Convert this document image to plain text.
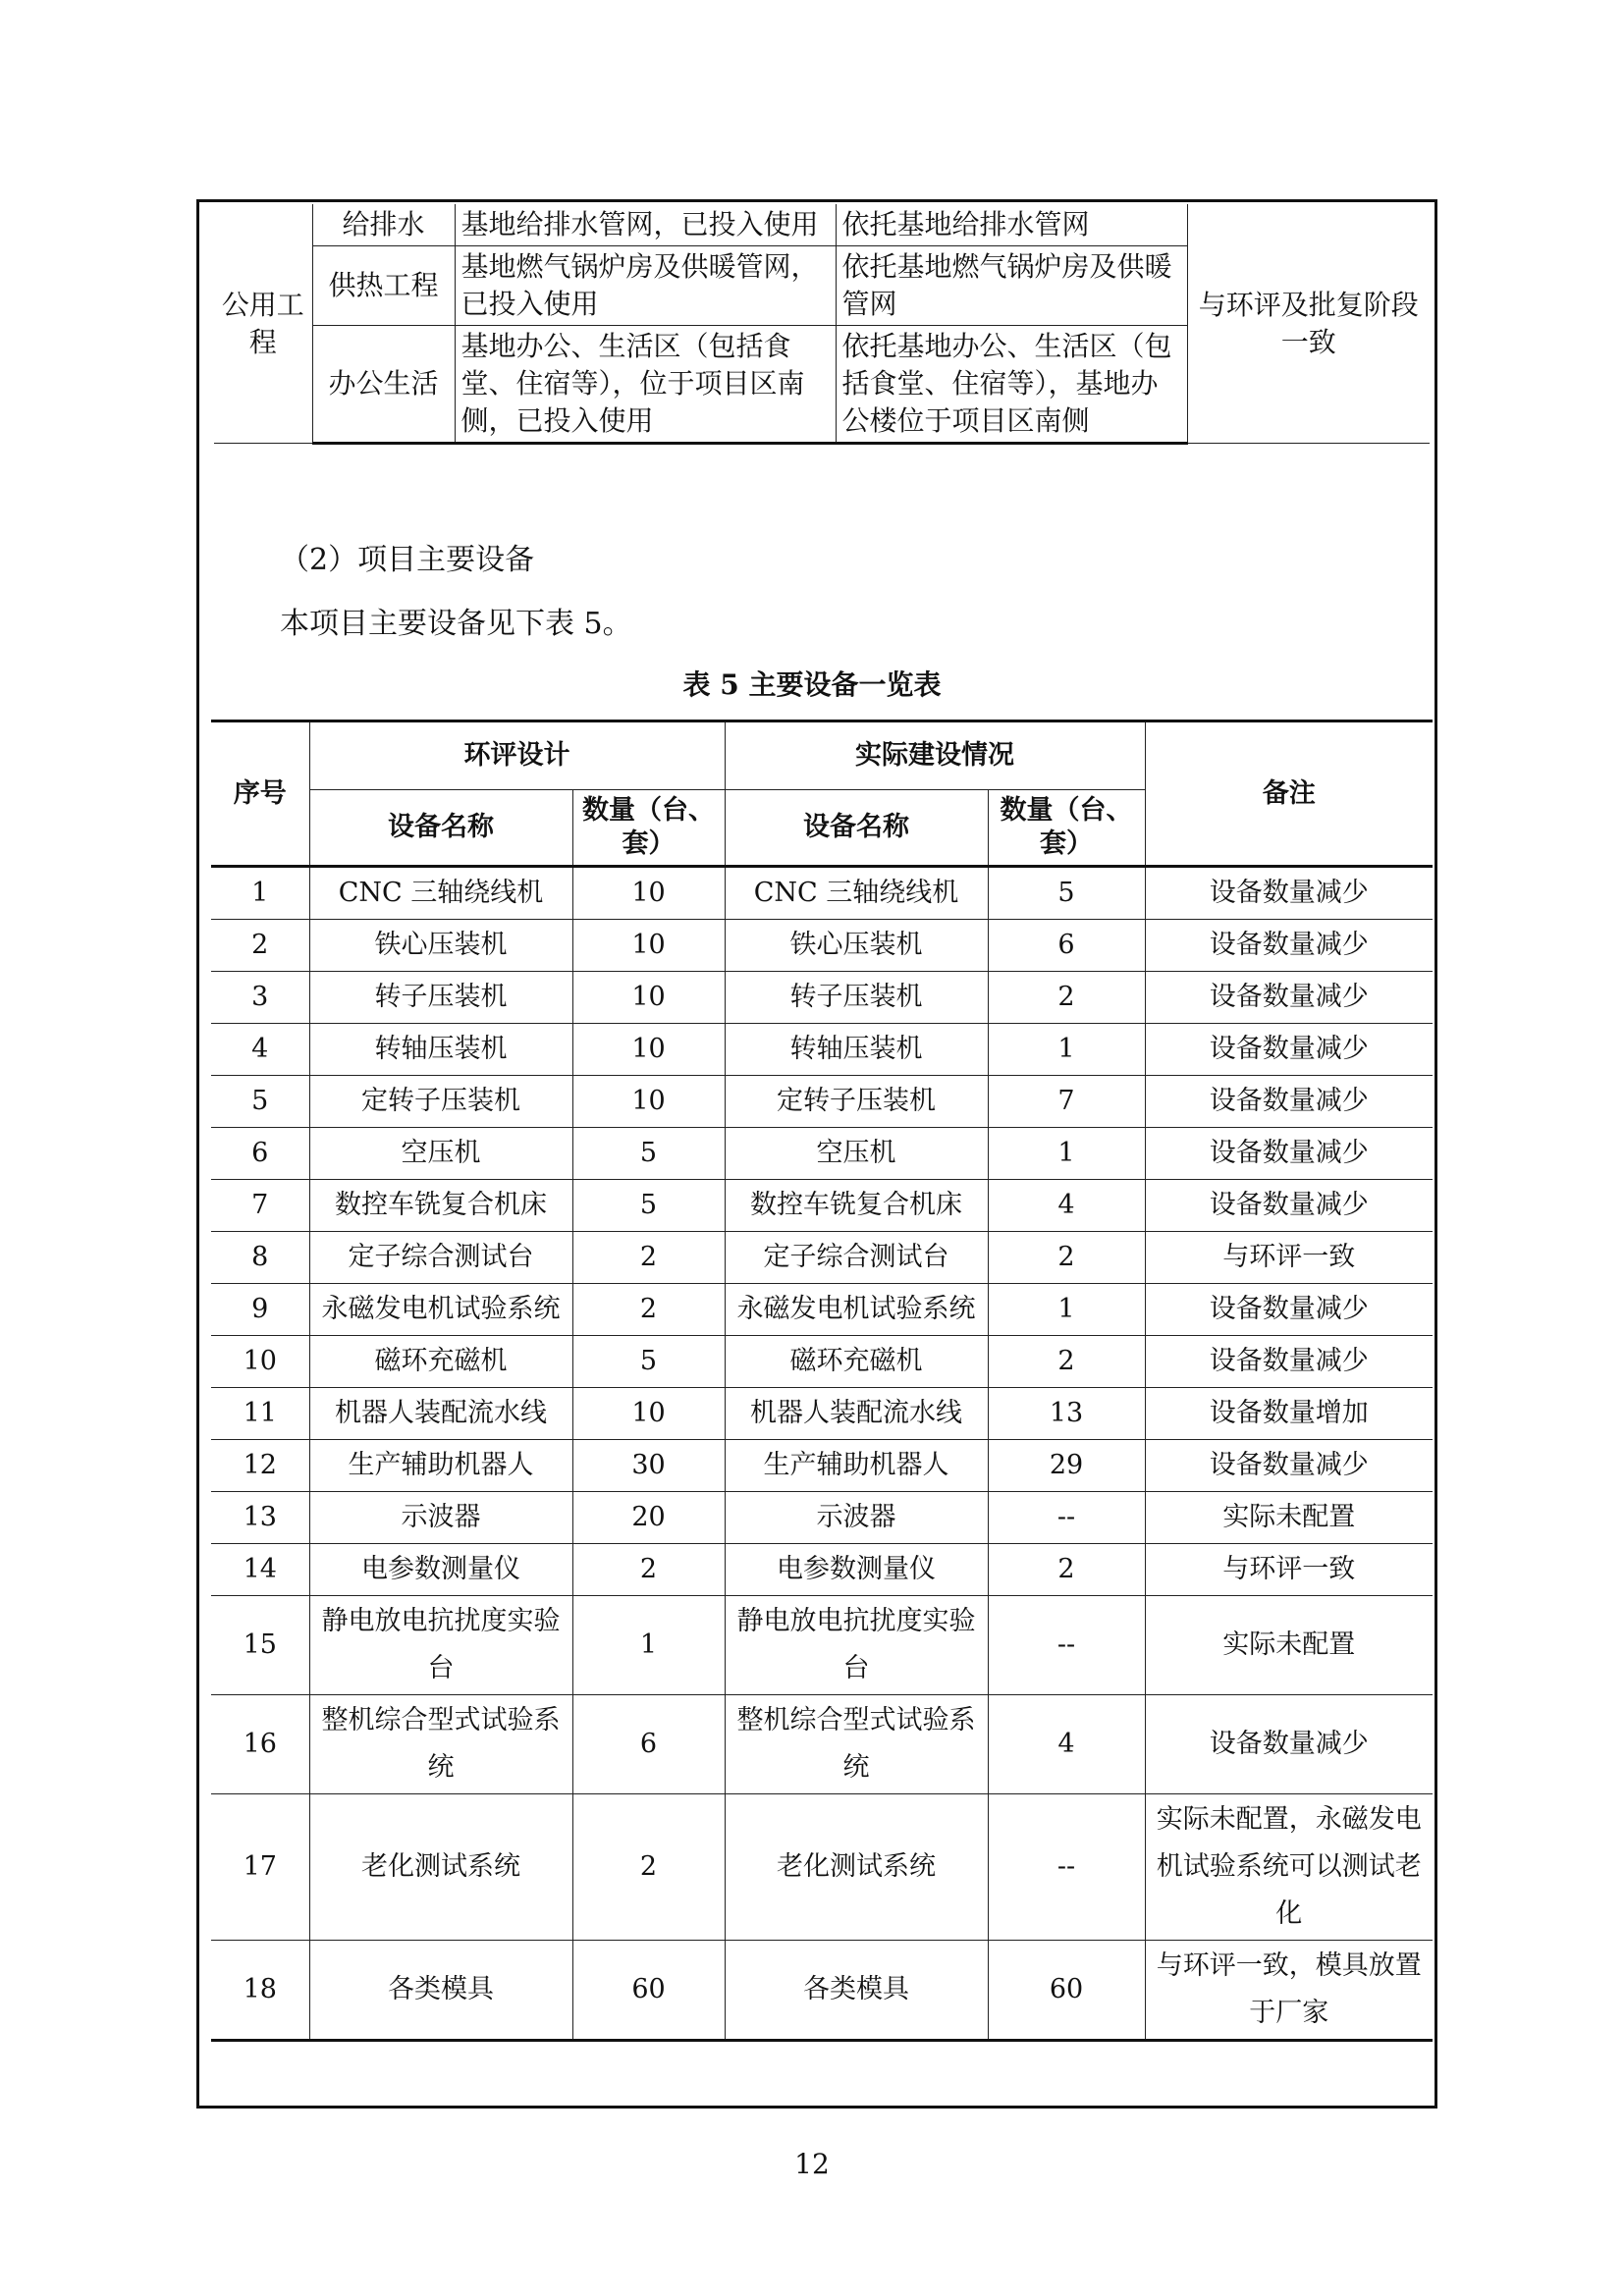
公用工程	给排水	基地给排水管网，已投入使用	依托基地给排水管网	与环评及批复阶段一致
	供热工程	基地燃气锅炉房及供暖管网，已投入使用	依托基地燃气锅炉房及供暖管网	
	办公生活	基地办公、生活区（包括食堂、住宿等），位于项目区南侧，已投入使用	依托基地办公、生活区（包括食堂、住宿等），基地办公楼位于项目区南侧	
（2）项目主要设备
本项目主要设备见下表 5。
表 5 主要设备一览表
序号	环评设计		实际建设情况		备注
	设备名称	数量（台、套）	设备名称	数量（台、套）	
1	CNC 三轴绕线机	10	CNC 三轴绕线机	5	设备数量减少
2	铁心压装机	10	铁心压装机	6	设备数量减少
3	转子压装机	10	转子压装机	2	设备数量减少
4	转轴压装机	10	转轴压装机	1	设备数量减少
5	定转子压装机	10	定转子压装机	7	设备数量减少
6	空压机	5	空压机	1	设备数量减少
7	数控车铣复合机床	5	数控车铣复合机床	4	设备数量减少
8	定子综合测试台	2	定子综合测试台	2	与环评一致
9	永磁发电机试验系统	2	永磁发电机试验系统	1	设备数量减少
10	磁环充磁机	5	磁环充磁机	2	设备数量减少
11	机器人装配流水线	10	机器人装配流水线	13	设备数量增加
12	生产辅助机器人	30	生产辅助机器人	29	设备数量减少
13	示波器	20	示波器	--	实际未配置
14	电参数测量仪	2	电参数测量仪	2	与环评一致
15	静电放电抗扰度实验台	1	静电放电抗扰度实验台	--	实际未配置
16	整机综合型式试验系统	6	整机综合型式试验系统	4	设备数量减少
17	老化测试系统	2	老化测试系统	--	实际未配置，永磁发电机试验系统可以测试老化
18	各类模具	60	各类模具	60	与环评一致，模具放置于厂家
12
